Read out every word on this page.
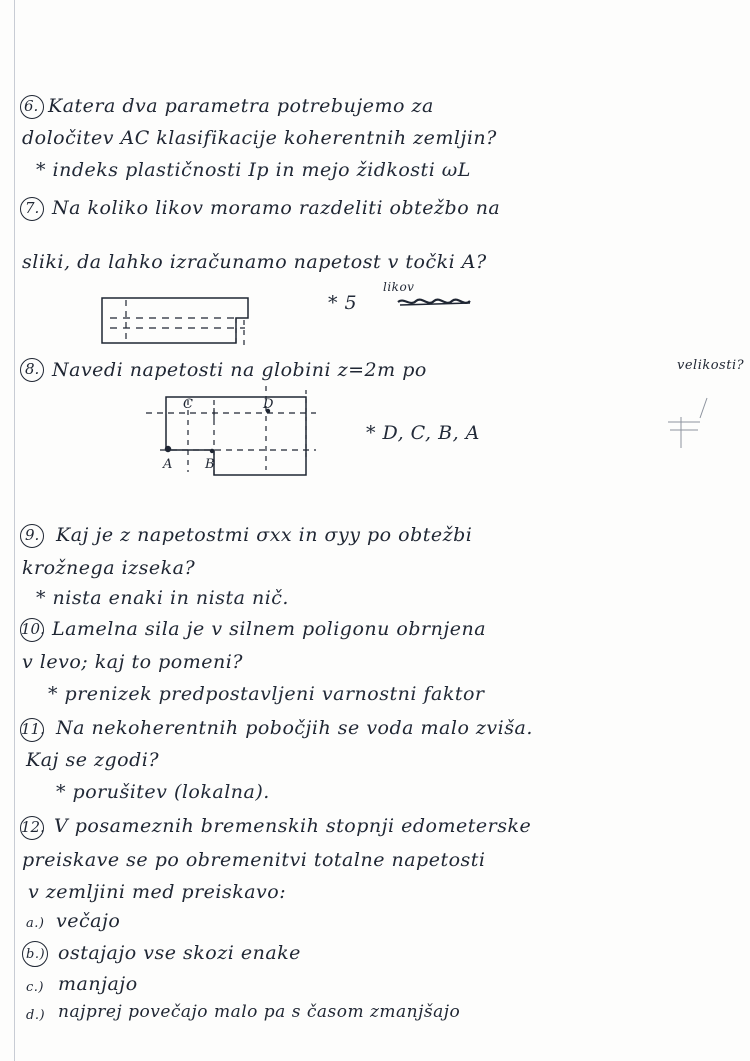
6. Katera dva parametra potrebujemo za
določitev AC klasifikacije koherentnih zemljin?
* indeks plastičnosti Ip in mejo židkosti ωL
7. Na koliko likov moramo razdeliti obtežbo na
sliki, da lahko izračunamo napetost v točki A?
* 5
likov
8. Navedi napetosti na globini z=2m po	velikosti?
C	D
A B
* D, C, B, A
9. Kaj je z napetostmi σxx in σyy po obtežbi
krožnega izseka?
* nista enaki in nista nič.
10. Lamelna sila je v silnem poligonu obrnjena
v levo; kaj to pomeni?
* prenizek predpostavljeni varnostni faktor
11. Na nekoherentnih pobočjih se voda malo zviša.
Kaj se zgodi?
* porušitev (lokalna).
12. V posameznih bremenskih stopnji edometerske
preiskave se po obremenitvi totalne napetosti
v zemljini med preiskavo:
a.) večajo
b.) ostajajo vse skozi enake
c.) manjajo
d.) najprej povečajo malo pa s časom zmanjšajo
